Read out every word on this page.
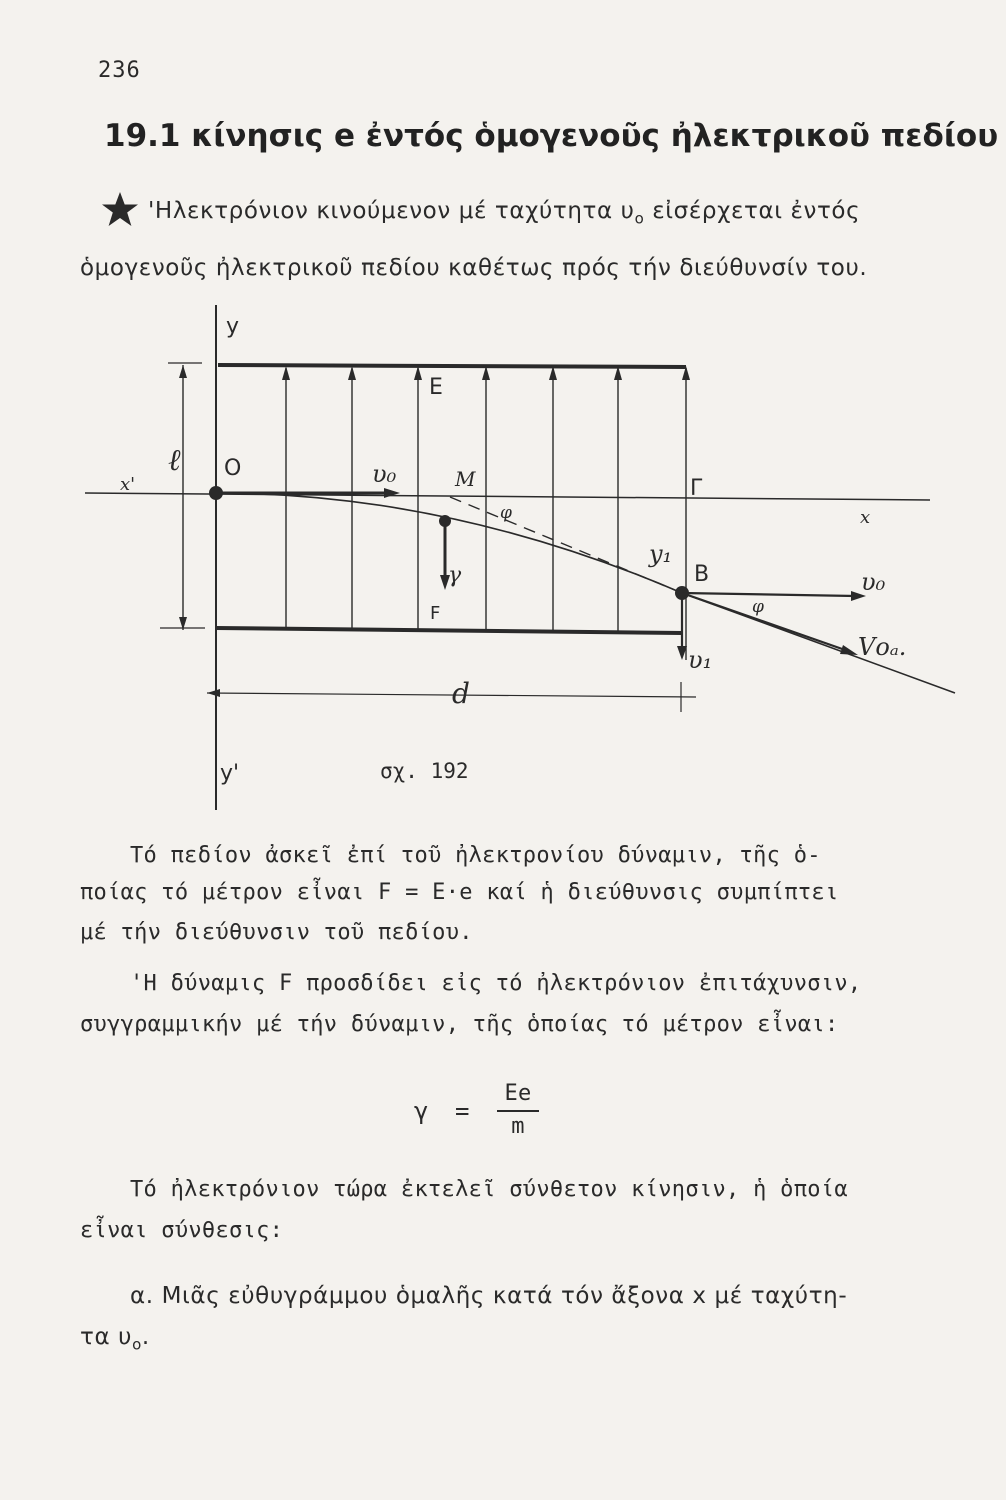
236
19.1 κίνησις e ἐντός ὁμογενοῦς ἠλεκτρικοῦ πεδίου
'Ηλεκτρόνιον κινούμενον μέ ταχύτητα $\upsilon_o$ εἰσέρχεται ἐντός
ὁμογενοῦς ἠλεκτρικοῦ πεδίου καθέτως πρός τήν διεύθυνσίν του.
y
E
x'
ℓ O	υ₀	M
φ
γ
F
Γ
x
y₁
B	υ₀
φ
υ₁	Vοₐ.
d
y'	σχ. 192
Τό πεδίον ἀσκεῖ ἐπί τοῦ ἠλεκτρονίου δύναμιν, τῆς ὁ-
ποίας τό μέτρον εἶναι F = E·e καί ἡ διεύθυνσις συμπίπτει
μέ τήν διεύθυνσιν τοῦ πεδίου.
'Η δύναμις F προσδίδει εἰς τό ἠλεκτρόνιον ἐπιτάχυνσιν,
συγγραμμικήν μέ τήν δύναμιν, τῆς ὁποίας τό μέτρον εἶναι:
γ =
Ee
m
Τό ἠλεκτρόνιον τώρα ἐκτελεῖ σύνθετον κίνησιν, ἡ ὁποία
εἶναι σύνθεσις:
α. Μιᾶς εὐθυγράμμου ὁμαλῆς κατά τόν ἄξονα x μέ ταχύτη-
τα $\upsilon_o$.
